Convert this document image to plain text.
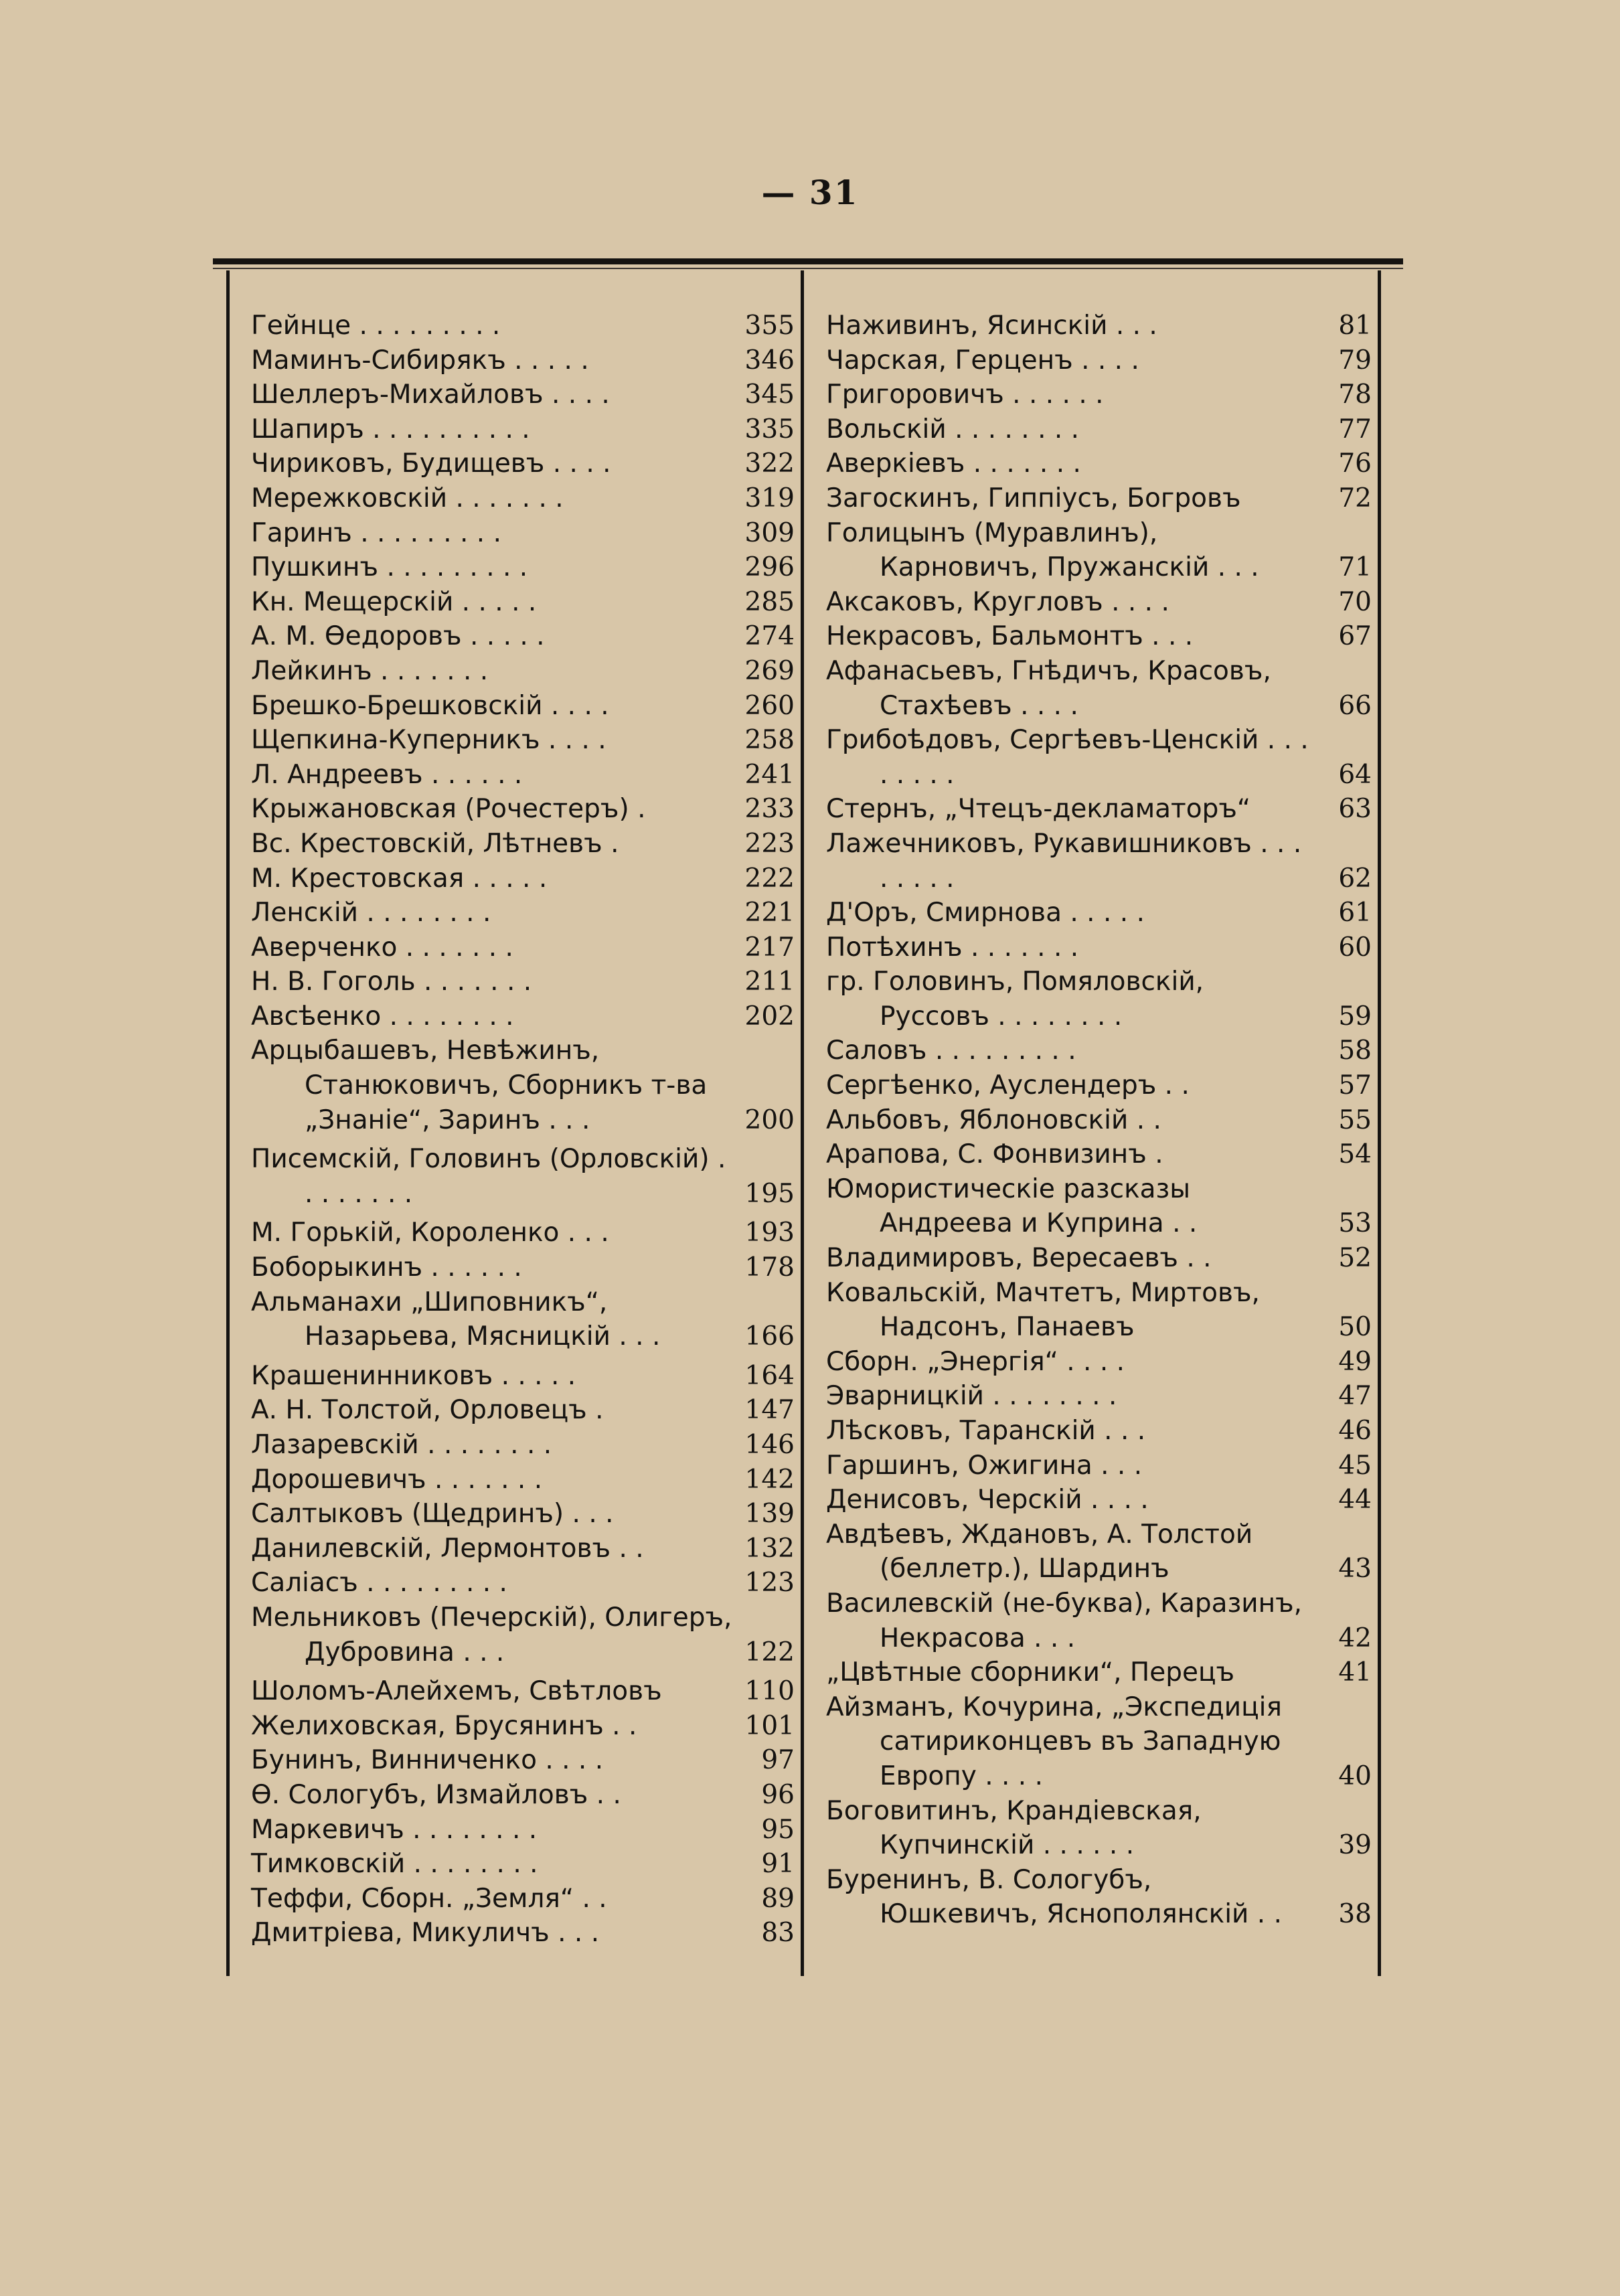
— 31
Гейнце . . . . . . . . .	355
Маминъ-Сибирякъ . . . . .	346
Шеллеръ-Михайловъ . . . .	345
Шапиръ . . . . . . . . . .	335
Чириковъ, Будищевъ . . . .	322
Мережковскій . . . . . . .	319
Гаринъ . . . . . . . . .	309
Пушкинъ . . . . . . . . .	296
Кн. Мещерскій . . . . .	285
А. М. Өедоровъ . . . . .	274
Лейкинъ . . . . . . .	269
Брешко-Брешковскій . . . .	260
Щепкина-Куперникъ . . . .	258
Л. Андреевъ . . . . . .	241
Крыжановская (Рочестеръ) .	233
Вс. Крестовскій, Лѣтневъ .	223
М. Крестовская . . . . .	222
Ленскій . . . . . . . .	221
Аверченко . . . . . . .	217
Н. В. Гоголь . . . . . . .	211
Авсѣенко . . . . . . . .	202
Арцыбашевъ, Невѣжинъ, Станюковичъ, Сборникъ т-ва „Знаніе“, Заринъ . . .	200
Писемскій, Головинъ (Орловскій) . . . . . . . .	195
М. Горькій, Короленко . . .	193
Боборыкинъ . . . . . .	178
Альманахи „Шиповникъ“, Назарьева, Мясницкій . . .	166
Крашенинниковъ . . . . .	164
А. Н. Толстой, Орловецъ .	147
Лазаревскій . . . . . . . .	146
Дорошевичъ . . . . . . .	142
Салтыковъ (Щедринъ) . . .	139
Данилевскій, Лермонтовъ . .	132
Саліасъ . . . . . . . . .	123
Мельниковъ (Печерскій), Олигеръ, Дубровина . . .	122
Шоломъ-Алейхемъ, Свѣтловъ	110
Желиховская, Брусянинъ . .	101
Бунинъ, Винниченко . . . .	97
Ө. Сологубъ, Измайловъ . .	96
Маркевичъ . . . . . . . .	95
Тимковскій . . . . . . . .	91
Теффи, Сборн. „Земля“ . .	89
Дмитріева, Микуличъ . . .	83
Наживинъ, Ясинскій . . .	81
Чарская, Герценъ . . . .	79
Григоровичъ . . . . . .	78
Вольскій . . . . . . . .	77
Аверкіевъ . . . . . . .	76
Загоскинъ, Гиппіусъ, Богровъ	72
Голицынъ (Муравлинъ), Карновичъ, Пружанскій . . .	71
Аксаковъ, Кругловъ . . . .	70
Некрасовъ, Бальмонтъ . . .	67
Афанасьевъ, Гнѣдичъ, Красовъ, Стахѣевъ . . . .	66
Грибоѣдовъ, Сергѣевъ-Ценскій . . . . . . . .	64
Стернъ, „Чтецъ-декламаторъ“	63
Лажечниковъ, Рукавишниковъ . . . . . . . .	62
Д'Оръ, Смирнова . . . . .	61
Потѣхинъ . . . . . . .	60
гр. Головинъ, Помяловскій, Руссовъ . . . . . . . .	59
Саловъ . . . . . . . . .	58
Сергѣенко, Ауслендеръ . .	57
Альбовъ, Яблоновскій . .	55
Арапова, С. Фонвизинъ .	54
Юмористическіе разсказы Андреева и Куприна . .	53
Владимировъ, Вересаевъ . .	52
Ковальскій, Мачтетъ, Миртовъ, Надсонъ, Панаевъ	50
Сборн. „Энергія“ . . . .	49
Эварницкій . . . . . . . .	47
Лѣсковъ, Таранскій . . .	46
Гаршинъ, Ожигина . . .	45
Денисовъ, Черскій . . . .	44
Авдѣевъ, Ждановъ, А. Толстой (беллетр.), Шардинъ	43
Василевскій (не-буква), Каразинъ, Некрасова . . .	42
„Цвѣтные сборники“, Перецъ	41
Айзманъ, Кочурина, „Экспедиція сатириконцевъ въ Западную Европу . . . .	40
Боговитинъ, Крандіевская, Купчинскій . . . . . .	39
Буренинъ, В. Сологубъ, Юшкевичъ, Яснополянскій . .	38
